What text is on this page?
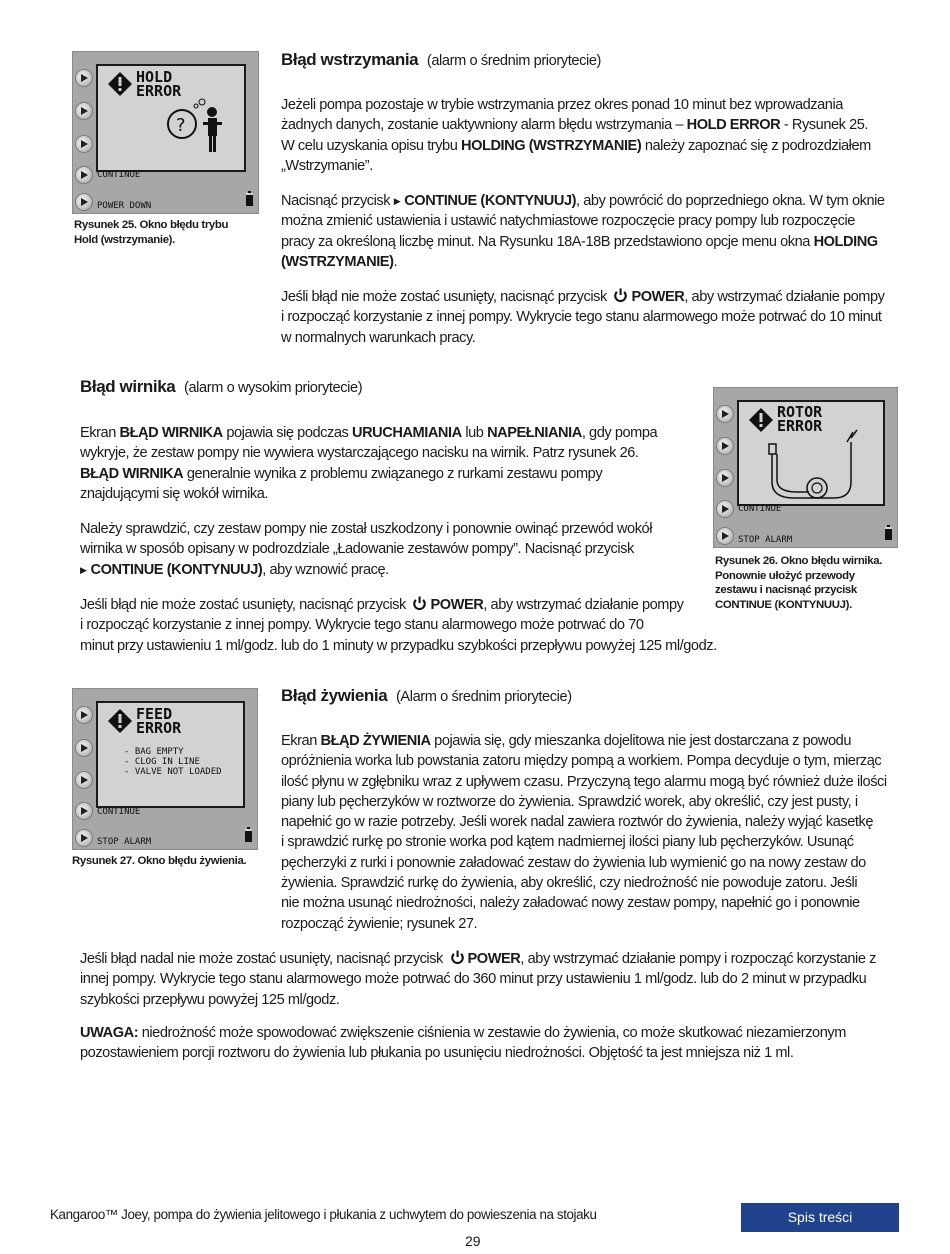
?
HOLD
ERROR
CONTINUE
POWER DOWN

Rysunek 25. Okno błędu trybu
Hold (wstrzymanie).

Błąd wstrzymania (alarm o średnim priorytecie)

Jeżeli pompa pozostaje w trybie wstrzymania przez okres ponad 10 minut bez wprowadzania
żadnych danych, zostanie uaktywniony alarm błędu wstrzymania – HOLD ERROR - Rysunek 25.
W celu uzyskania opisu trybu HOLDING (WSTRZYMANIE) należy zapoznać się z podrozdziałem
„Wstrzymanie”.

Nacisnąć przycisk ▶ CONTINUE (KONTYNUUJ), aby powrócić do poprzedniego okna. W tym oknie
można zmienić ustawienia i ustawić natychmiastowe rozpoczęcie pracy pompy lub rozpoczęcie
pracy za określoną liczbę minut. Na Rysunku 18A-18B przedstawiono opcje menu okna HOLDING
(WSTRZYMANIE).

Jeśli błąd nie może zostać usunięty, nacisnąć przycisk POWER, aby wstrzymać działanie pompy
i rozpocząć korzystanie z innej pompy. Wykrycie tego stanu alarmowego może potrwać do 10 minut
w normalnych warunkach pracy.

Błąd wirnika (alarm o wysokim priorytecie)

Ekran BŁĄD WIRNIKA pojawia się podczas URUCHAMIANIA lub NAPEŁNIANIA, gdy pompa
wykryje, że zestaw pompy nie wywiera wystarczającego nacisku na wirnik. Patrz rysunek 26.
BŁĄD WIRNIKA generalnie wynika z problemu związanego z rurkami zestawu pompy
znajdującymi się wokół wirnika.

Należy sprawdzić, czy zestaw pompy nie został uszkodzony i ponownie owinąć przewód wokół
wirnika w sposób opisany w podrozdziale „Ładowanie zestawów pompy”. Nacisnąć przycisk
▶ CONTINUE (KONTYNUUJ), aby wznowić pracę.

Jeśli błąd nie może zostać usunięty, nacisnąć przycisk POWER, aby wstrzymać działanie pompy
i rozpocząć korzystanie z innej pompy. Wykrycie tego stanu alarmowego może potrwać do 70
minut przy ustawieniu 1 ml/godz. lub do 1 minuty w przypadku szybkości przepływu powyżej 125 ml/godz.

ROTOR
ERROR
CONTINUE
STOP ALARM

Rysunek 26. Okno błędu wirnika.
Ponownie ułożyć przewody
zestawu i nacisnąć przycisk
CONTINUE (KONTYNUUJ).

FEED
ERROR
- BAG EMPTY
- CLOG IN LINE
- VALVE NOT LOADED
CONTINUE
STOP ALARM

Rysunek 27. Okno błędu żywienia.

Błąd żywienia (Alarm o średnim priorytecie)

Ekran BŁĄD ŻYWIENIA pojawia się, gdy mieszanka dojelitowa nie jest dostarczana z powodu

opróżnienia worka lub powstania zatoru między pompą a workiem. Pompa decyduje o tym, mierząc

ilość płynu w zgłębniku wraz z upływem czasu. Przyczyną tego alarmu mogą być również duże ilości

piany lub pęcherzyków w roztworze do żywienia. Sprawdzić worek, aby określić, czy jest pusty, i

napełnić go w razie potrzeby. Jeśli worek nadal zawiera roztwór do żywienia, należy wyjąć kasetkę

i sprawdzić rurkę po stronie worka pod kątem nadmiernej ilości piany lub pęcherzyków. Usunąć

pęcherzyki z rurki i ponownie załadować zestaw do żywienia lub wymienić go na nowy zestaw do

żywienia. Sprawdzić rurkę do żywienia, aby określić, czy niedrożność nie powoduje zatoru. Jeśli

nie można usunąć niedrożności, należy załadować nowy zestaw pompy, napełnić go i ponownie

rozpocząć żywienie; rysunek 27.

Jeśli błąd nadal nie może zostać usunięty, nacisnąć przycisk POWER, aby wstrzymać działanie pompy i rozpocząć korzystanie z
innej pompy. Wykrycie tego stanu alarmowego może potrwać do 360 minut przy ustawieniu 1 ml/godz. lub do 2 minut w przypadku
szybkości przepływu powyżej 125 ml/godz.

UWAGA: niedrożność może spowodować zwiększenie ciśnienia w zestawie do żywienia, co może skutkować niezamierzonym
pozostawieniem porcji roztworu do żywienia lub płukania po usunięciu niedrożności. Objętość ta jest mniejsza niż 1 ml.

Kangaroo™ Joey, pompa do żywienia jelitowego i płukania z uchwytem do powieszenia na stojaku

29

Spis treści
